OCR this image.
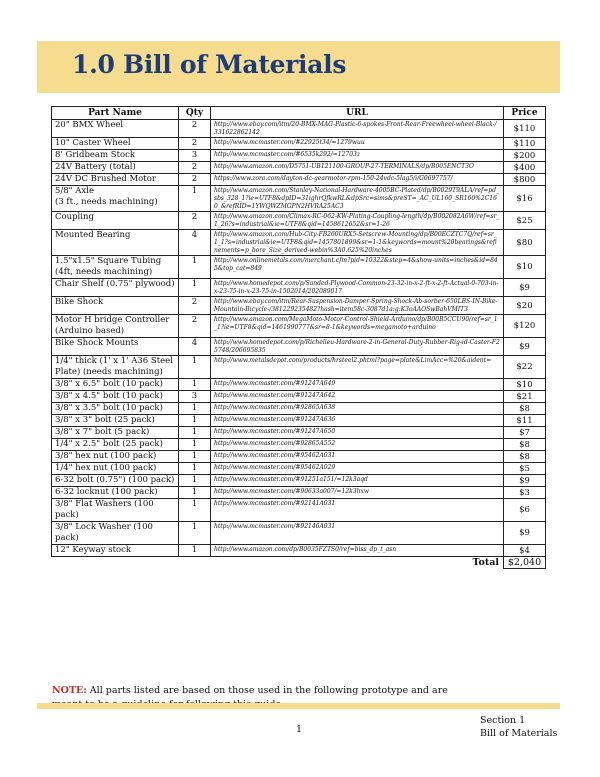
1.0 Bill of Materials
Part Name	Qty	URL	Price
20" BMX Wheel	2	http://www.ebay.com/itm/20-BMX-MAG-Plastic-6-spokes-Front-Rear-Freewheel-wheel-Black-/331622862142	$110
10" Caster Wheel	2	http://www.mcmaster.com/#22925t34/=1279wuu	$110
8' Gridbeam Stock	3	http://www.mcmaster.com/#6535k292/=12703z	$200
24V Battery (total)	2	http://www.amazon.com/D5751-UB121100-GROUP-27-TERMINALS/dp/B005ENCT3O	$400
24V DC Brushed Motor	2	https://www.zoro.com/dayton-dc-gearmotor-rpm-150-24vdc-5lag5/i/G0697757/	$800
5/8" Axle
(3 ft., needs machining)	1	http://www.amazon.com/Stanley-National-Hardware-4005BC-Plated/dp/B0029T9ALA/ref=pd_sbs_328_1?ie=UTF8&dpID=31ighrQfkwRL&dpSrc=sims&preST=_AC_UL160_SR160%2C160_&refRID=1YWQWZMGPN2HVRA25AC3	$16
Coupling	2	http://www.amazon.com/Climax-RC-062-KW-Plating-Coupling-length/dp/B002082A6W/ref=sr_1_26?s=industrial&ie=UTF8&qid=1458612652&sr=1-26	$25
Mounted Bearing	4	http://www.amazon.com/Hub-City-FB260URX5-Setscrew-Mounting/dp/B00ECZTC7Q/ref=sr_1_1?s=industrial&ie=UTF8&qid=1457801899&sr=1-1&keywords=mount%20bearings&refinements=p_bore_Size_derived-webin%3A0.625%20inches	$80
1.5"x1.5" Square Tubing
(4ft, needs machining)	1	http://www.onlinemetals.com/merchant.cfm?pid=10322&step=4&show-units=inches&id=845&top_cat=849	$10
Chair Shelf (0.75" plywood)	1	http://www.homedepot.com/p/Sanded-Plywood-Common-23-32-in-x-2-ft-x-2-ft-Actual-0-703-in-x-23-75-in-x-23-75-in-1502014/202089017	$9
Bike Shock	2	http://www.ebay.com/itm/Rear-Suspension-Damper-Spring-Shock-Ab-sorber-650LBS-IN-Bike-Mountain-Bicycle-/381229235482?hash=item58c-3087d1a:g:K3oAAOSwBahVMIT3	$20
Motor H bridge Controller
(Arduino based)	2	http://www.amazon.com/MegaMoto-Motor-Control-Shield-Arduino/dp/B00B5CCU90/ref=sr_1_1?ie=UTF8&qid=1461990777&sr=8-1&keywords=megamoto+arduino	$120
Bike Shock Mounts	4	http://www.homedepot.com/p/Richelieu-Hardware-2-in-General-Duty-Rubber-Rig-id-Caster-F25748/206695835	$9
1/4" thick (1' x 1' A36 Steel
Plate) (needs machining)	1	http://www.metalsdepot.com/products/hrsteel2.phtml?page=plate&LimAcc=%20&aident=	$22
3/8" x 6.5" bolt (10 pack)	1	http://www.mcmaster.com/#91247A649	$10
3/8" x 4.5" bolt (10 pack)	3	http://www.mcmaster.com/#91247A642	$21
3/8" x 3.5" bolt (10 pack)	1	http://www.mcmaster.com/#92865A638	$8
3/8" x 3" bolt (25 pack)	1	http://www.mcmaster.com/#91247A636	$11
3/8" x 7" bolt (5 pack)	1	http://www.mcmaster.com/#91247A650	$7
1/4" x 2.5" bolt (25 pack)	1	http://www.mcmaster.com/#92865A552	$8
3/8" hex nut (100 pack)	1	http://www.mcmaster.com/#95462A031	$8
1/4" hex nut (100 pack)	1	http://www.mcmaster.com/#95462A029	$5
6-32 bolt (0.75") (100 pack)	1	http://www.mcmaster.com/#91251a151/=12k3aqd	$9
6-32 locknut (100 pack)	1	http://www.mcmaster.com/#90633a007/=12k3hxw	$3
3/8" Flat Washers (100 pack)	1	http://www.mcmaster.com/#92141A031	$6
3/8" Lock Washer (100 pack)	1	http://www.mcmaster.com/#92146A031	$9
12" Keyway stock	1	http://www.amazon.com/dp/B0035FZTS0/ref=biss_dp_t_asn	$4
Total			$2,040
NOTE: All parts listed are based on those used in the following prototype and are
1
Section 1
Bill of Materials
